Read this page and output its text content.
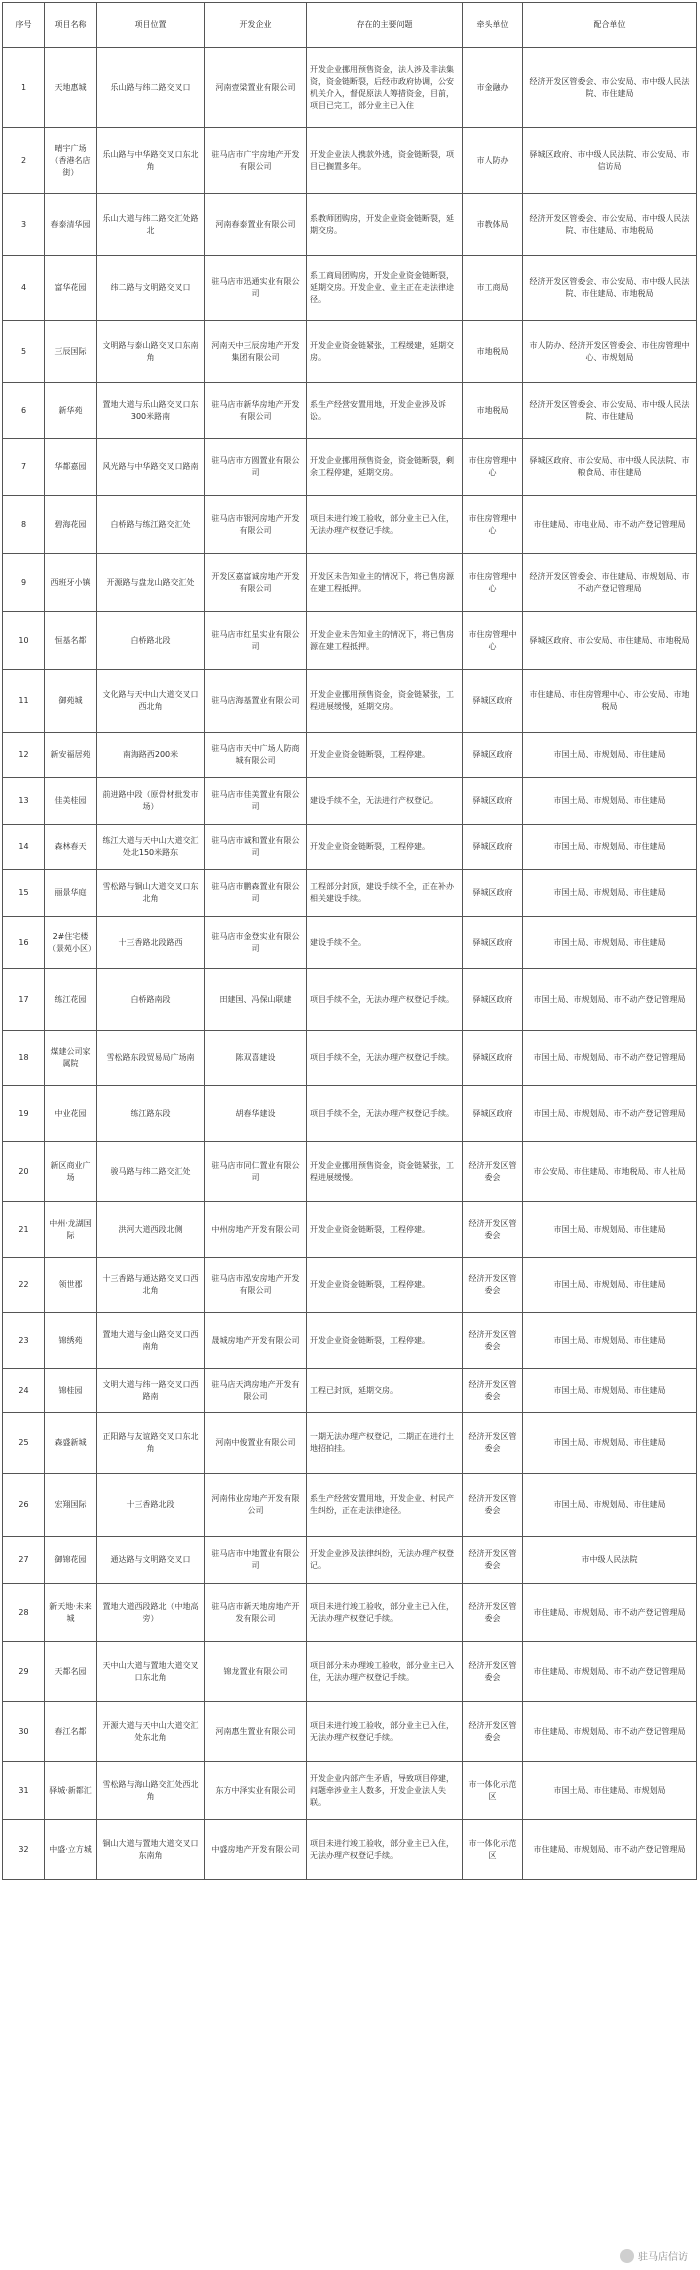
序号	项目名称	项目位置	开发企业	存在的主要问题	牵头单位	配合单位
1	天地惠城	乐山路与纬二路交叉口	河南壹梁置业有限公司	开发企业挪用预售资金，法人涉及非法集资，资金链断裂，后经市政府协调，公安机关介入，督促原法人筹措资金，目前，项目已完工，部分业主已入住	市金融办	经济开发区管委会、市公安局、市中级人民法院、市住建局
2	晴宇广场（香港名店街）	乐山路与中华路交叉口东北角	驻马店市广宇房地产开发有限公司	开发企业法人携款外逃，资金链断裂，项目已搁置多年。	市人防办	驿城区政府、市中级人民法院、市公安局、市信访局
3	春泰清华园	乐山大道与纬二路交汇处路北	河南春泰置业有限公司	系教师团购房，开发企业资金链断裂，延期交房。	市教体局	经济开发区管委会、市公安局、市中级人民法院、市住建局、市地税局
4	富华花园	纬二路与文明路交叉口	驻马店市迅通实业有限公司	系工商局团购房，开发企业资金链断裂，延期交房。开发企业、业主正在走法律途径。	市工商局	经济开发区管委会、市公安局、市中级人民法院、市住建局、市地税局
5	三辰国际	文明路与泰山路交叉口东南角	河南天中三辰房地产开发集团有限公司	开发企业资金链紧张，工程缓建，延期交房。	市地税局	市人防办、经济开发区管委会、市住房管理中心、市规划局
6	新华苑	置地大道与乐山路交叉口东300米路南	驻马店市新华房地产开发有限公司	系生产经营安置用地，开发企业涉及诉讼。	市地税局	经济开发区管委会、市公安局、市中级人民法院、市住建局
7	华都嘉园	风光路与中华路交叉口路南	驻马店市方圆置业有限公司	开发企业挪用预售资金，资金链断裂，剩余工程停建，延期交房。	市住房管理中心	驿城区政府、市公安局、市中级人民法院、市粮食局、市住建局
8	碧海花园	白桥路与练江路交汇处	驻马店市银河房地产开发有限公司	项目未进行竣工验收，部分业主已入住，无法办理产权登记手续。	市住房管理中心	市住建局、市电业局、市不动产登记管理局
9	西班牙小镇	开源路与盘龙山路交汇处	开发区嘉富诚房地产开发有限公司	开发区未告知业主的情况下，将已售房源在建工程抵押。	市住房管理中心	经济开发区管委会、市住建局、市规划局、市不动产登记管理局
10	恒基名都	白桥路北段	驻马店市红星实业有限公司	开发企业未告知业主的情况下，将已售房源在建工程抵押。	市住房管理中心	驿城区政府、市公安局、市住建局、市地税局
11	御苑城	文化路与天中山大道交叉口西北角	驻马店海基置业有限公司	开发企业挪用预售资金，资金链紧张，工程进展缓慢，延期交房。	驿城区政府	市住建局、市住房管理中心、市公安局、市地税局
12	新安福居苑	南海路西200米	驻马店市天中广场人防商城有限公司	开发企业资金链断裂，工程停建。	驿城区政府	市国土局、市规划局、市住建局
13	佳美桂园	前进路中段（原骨材批发市场）	驻马店市佳美置业有限公司	建设手续不全，无法进行产权登记。	驿城区政府	市国土局、市规划局、市住建局
14	森林春天	练江大道与天中山大道交汇处北150米路东	驻马店市诚和置业有限公司	开发企业资金链断裂，工程停建。	驿城区政府	市国土局、市规划局、市住建局
15	丽景华庭	雪松路与铜山大道交叉口东北角	驻马店市鹏森置业有限公司	工程部分封顶，建设手续不全，正在补办相关建设手续。	驿城区政府	市国土局、市规划局、市住建局
16	2#住宅楼（景苑小区）	十三香路北段路西	驻马店市金登实业有限公司	建设手续不全。	驿城区政府	市国土局、市规划局、市住建局
17	练江花园	白桥路南段	田建国、冯保山联建	项目手续不全，无法办理产权登记手续。	驿城区政府	市国土局、市规划局、市不动产登记管理局
18	煤建公司家属院	雪松路东段贸易局广场南	陈双喜建设	项目手续不全，无法办理产权登记手续。	驿城区政府	市国土局、市规划局、市不动产登记管理局
19	中业花园	练江路东段	胡春华建设	项目手续不全，无法办理产权登记手续。	驿城区政府	市国土局、市规划局、市不动产登记管理局
20	新区商业广场	骏马路与纬二路交汇处	驻马店市同仁置业有限公司	开发企业挪用预售资金，资金链紧张，工程进展缓慢。	经济开发区管委会	市公安局、市住建局、市地税局、市人社局
21	中州·龙湖国际	洪河大道西段北侧	中州房地产开发有限公司	开发企业资金链断裂，工程停建。	经济开发区管委会	市国土局、市规划局、市住建局
22	领世郡	十三香路与通达路交叉口西北角	驻马店市泓安房地产开发有限公司	开发企业资金链断裂，工程停建。	经济开发区管委会	市国土局、市规划局、市住建局
23	锦绣苑	置地大道与金山路交叉口西南角	晟城房地产开发有限公司	开发企业资金链断裂，工程停建。	经济开发区管委会	市国土局、市规划局、市住建局
24	锦桂园	文明大道与纬一路交叉口西路南	驻马店天鸿房地产开发有限公司	工程已封顶，延期交房。	经济开发区管委会	市国土局、市规划局、市住建局
25	森盛新城	正阳路与友谊路交叉口东北角	河南中俊置业有限公司	一期无法办理产权登记，二期正在进行土地招拍挂。	经济开发区管委会	市国土局、市规划局、市住建局
26	宏翔国际	十三香路北段	河南伟业房地产开发有限公司	系生产经营安置用地，开发企业、村民产生纠纷，正在走法律途径。	经济开发区管委会	市国土局、市规划局、市住建局
27	御锦花园	通达路与文明路交叉口	驻马店市中地置业有限公司	开发企业涉及法律纠纷，无法办理产权登记。	经济开发区管委会	市中级人民法院
28	新天地·未来城	置地大道西段路北（中地高旁）	驻马店市新天地房地产开发有限公司	项目未进行竣工验收，部分业主已入住，无法办理产权登记手续。	经济开发区管委会	市住建局、市规划局、市不动产登记管理局
29	天都名园	天中山大道与置地大道交叉口东北角	锦龙置业有限公司	项目部分未办理竣工验收，部分业主已入住，无法办理产权登记手续。	经济开发区管委会	市住建局、市规划局、市不动产登记管理局
30	春江名都	开源大道与天中山大道交汇处东北角	河南惠生置业有限公司	项目未进行竣工验收，部分业主已入住，无法办理产权登记手续。	经济开发区管委会	市住建局、市规划局、市不动产登记管理局
31	驿城·新都汇	雪松路与海山路交汇处西北角	东方中泽实业有限公司	开发企业内部产生矛盾，导致项目停建，问题牵涉业主人数多，开发企业法人失联。	市一体化示范区	市国土局、市住建局、市规划局
32	中盛·立方城	铜山大道与置地大道交叉口东南角	中盛房地产开发有限公司	项目未进行竣工验收，部分业主已入住，无法办理产权登记手续。	市一体化示范区	市住建局、市规划局、市不动产登记管理局
驻马店信访
